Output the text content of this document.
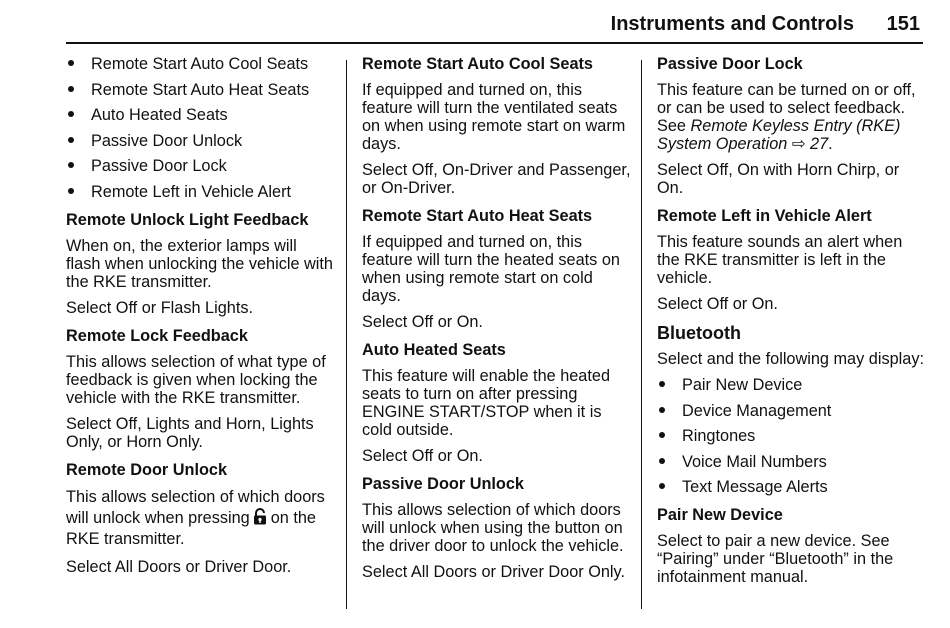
Instruments and Controls 151
Remote Start Auto Cool Seats
Remote Start Auto Heat Seats
Auto Heated Seats
Passive Door Unlock
Passive Door Lock
Remote Left in Vehicle Alert
Remote Unlock Light Feedback

When on, the exterior lamps will flash when unlocking the vehicle with the RKE transmitter.

Select Off or Flash Lights.

Remote Lock Feedback

This allows selection of what type of feedback is given when locking the vehicle with the RKE transmitter.

Select Off, Lights and Horn, Lights Only, or Horn Only.

Remote Door Unlock

This allows selection of which doors will unlock when pressing on the RKE transmitter.

Select All Doors or Driver Door.

Remote Start Auto Cool Seats

If equipped and turned on, this feature will turn the ventilated seats on when using remote start on warm days.

Select Off, On-Driver and Passenger, or On-Driver.

Remote Start Auto Heat Seats

If equipped and turned on, this feature will turn the heated seats on when using remote start on cold days.

Select Off or On.

Auto Heated Seats

This feature will enable the heated seats to turn on after pressing ENGINE START/STOP when it is cold outside.

Select Off or On.

Passive Door Unlock

This allows selection of which doors will unlock when using the button on the driver door to unlock the vehicle.

Select All Doors or Driver Door Only.

Passive Door Lock

This feature can be turned on or off, or can be used to select feedback. See Remote Keyless Entry (RKE) System Operation ⇨ 27.

Select Off, On with Horn Chirp, or On.

Remote Left in Vehicle Alert

This feature sounds an alert when the RKE transmitter is left in the vehicle.

Select Off or On.

Bluetooth

Select and the following may display:

Pair New Device
Device Management
Ringtones
Voice Mail Numbers
Text Message Alerts
Pair New Device

Select to pair a new device. See “Pairing” under “Bluetooth” in the infotainment manual.
